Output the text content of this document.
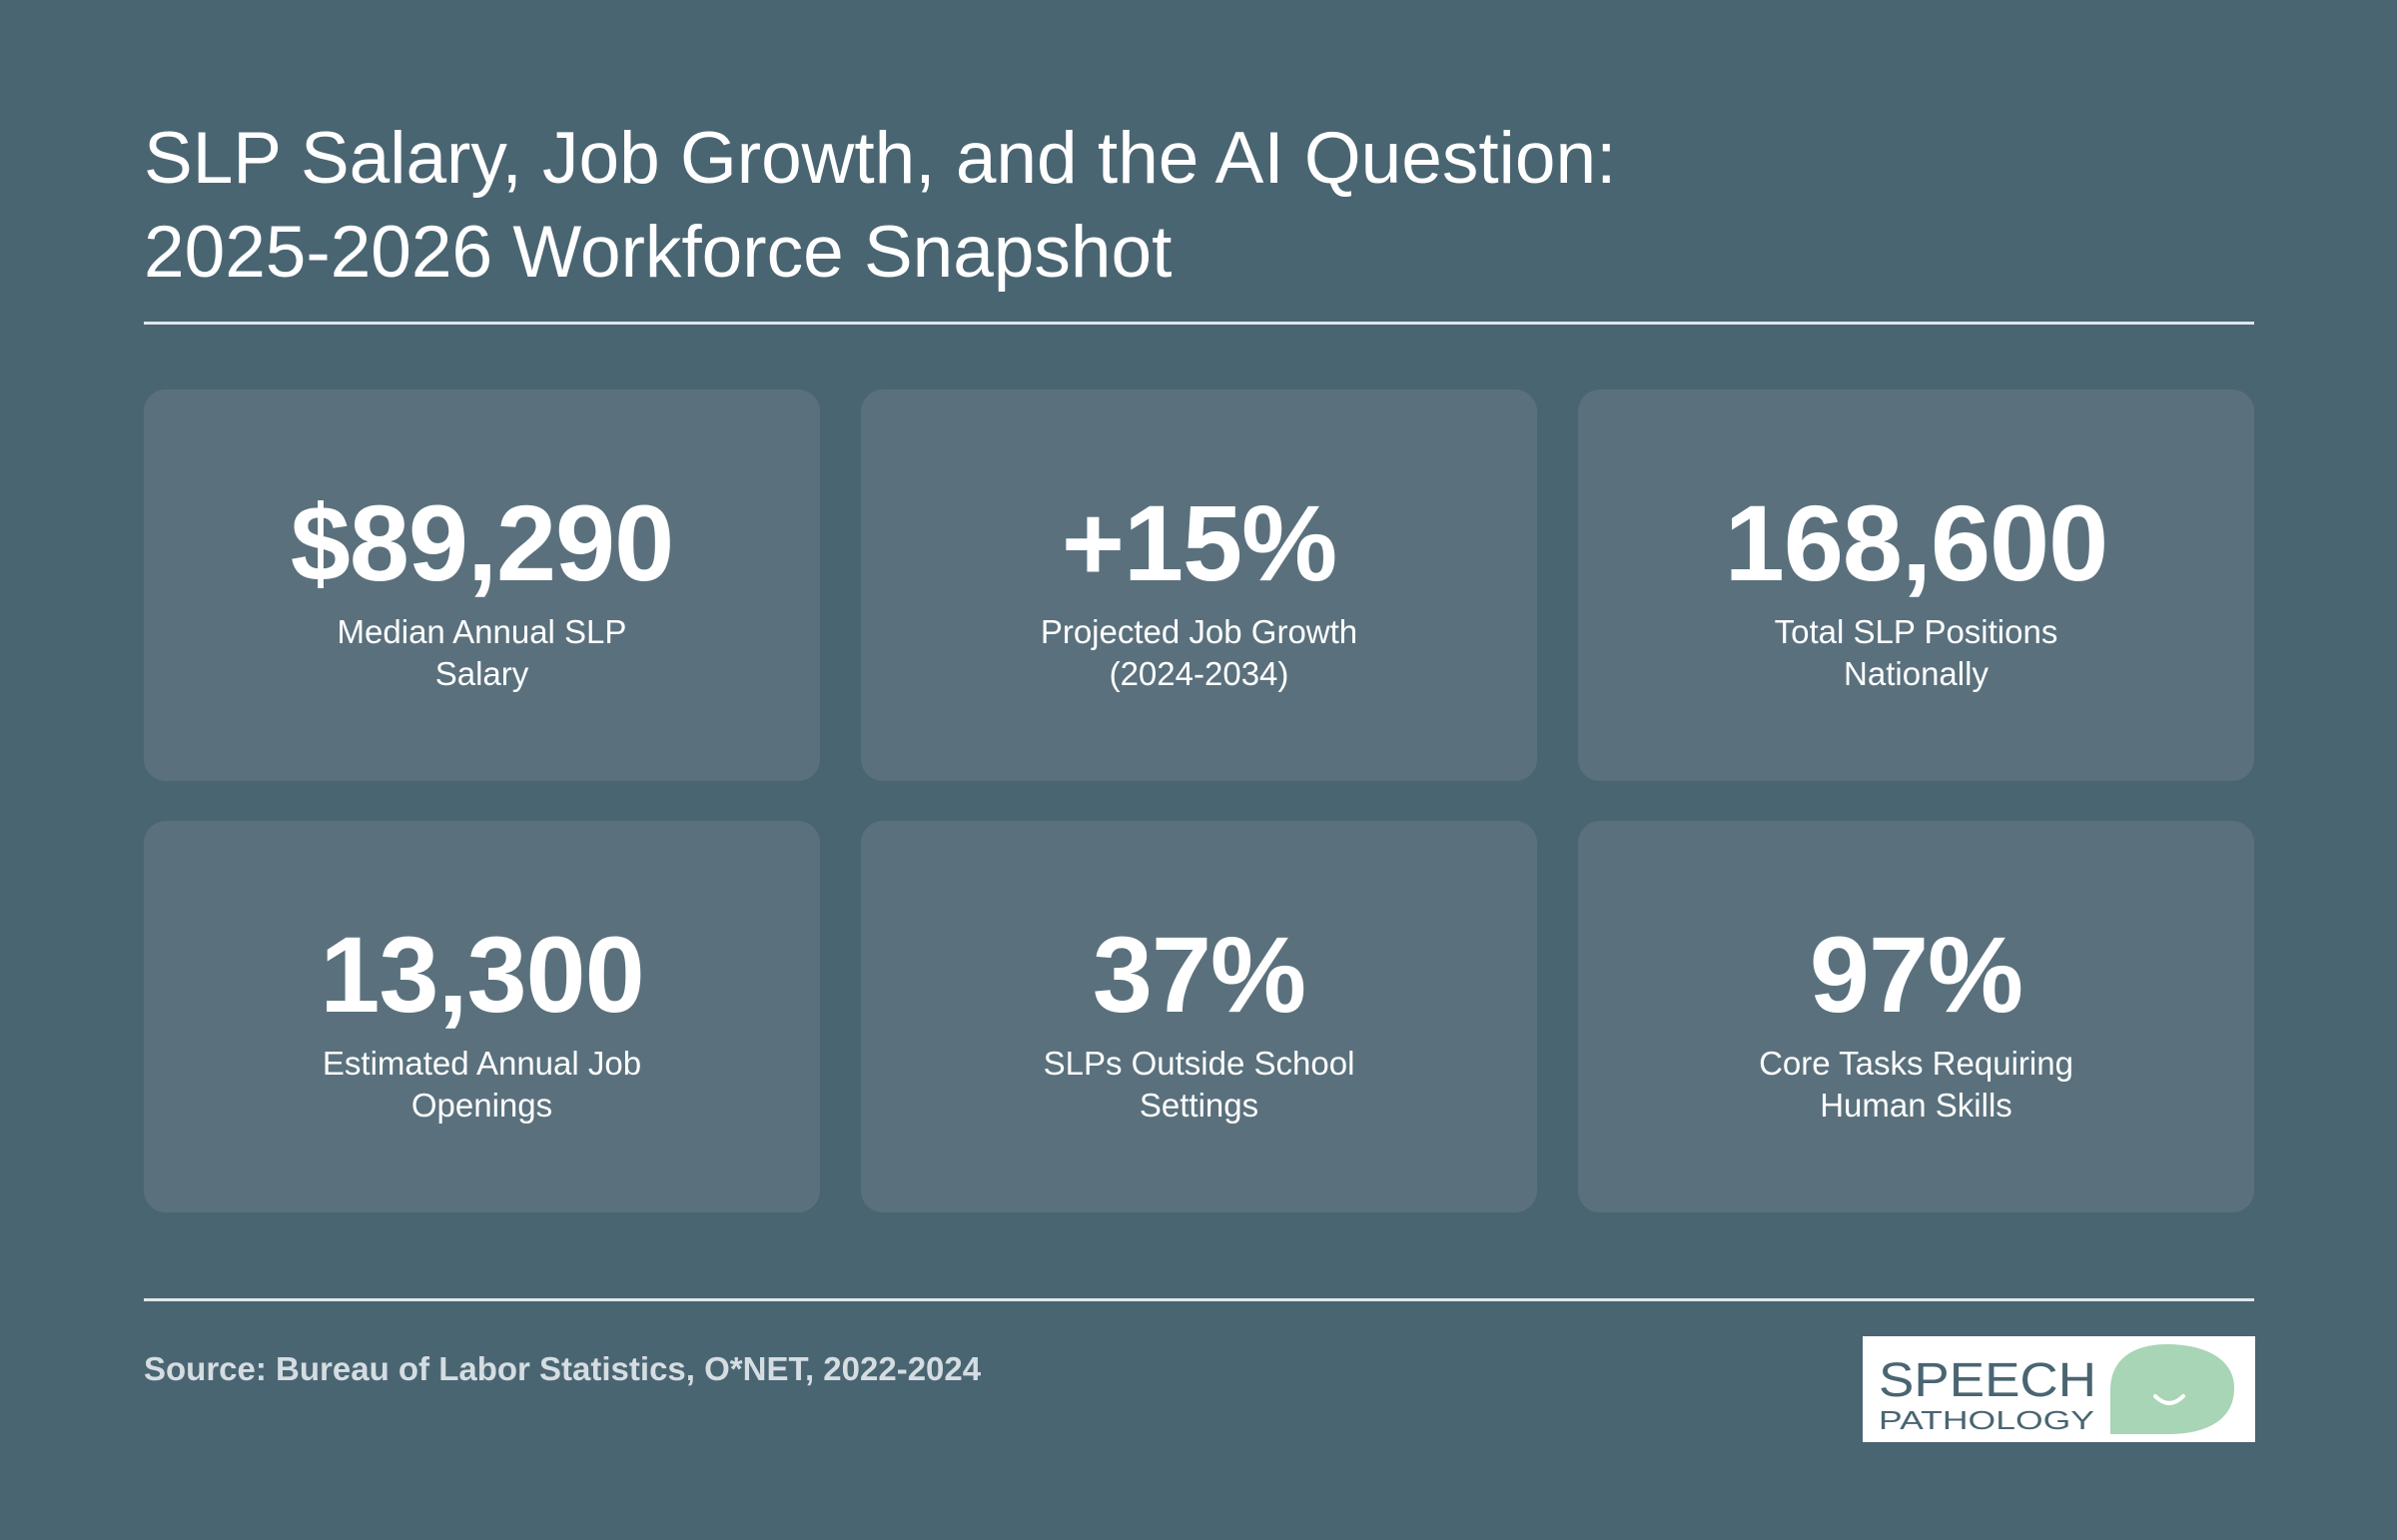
SLP Salary, Job Growth, and the AI Question:
2025-2026 Workforce Snapshot
$89,290
Median Annual SLP Salary
+15%
Projected Job Growth (2024-2034)
168,600
Total SLP Positions Nationally
13,300
Estimated Annual Job Openings
37%
SLPs Outside School Settings
97%
Core Tasks Requiring Human Skills
Source: Bureau of Labor Statistics, O*NET, 2022-2024	SPEECH
PATHOLOGY
